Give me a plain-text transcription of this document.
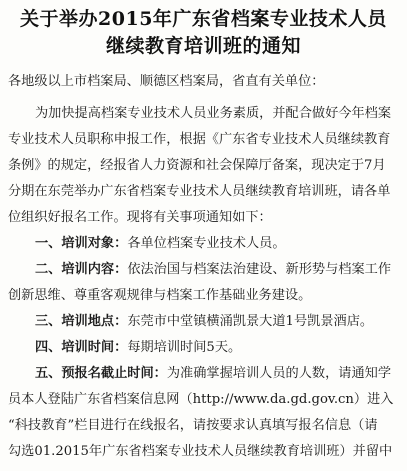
关于举办2015年广东省档案专业技术人员
继续教育培训班的通知
各地级以上市档案局、顺德区档案局，省直有关单位：
为加快提高档案专业技术人员业务素质，并配合做好今年档案
专业技术人员职称申报工作，根据《广东省专业技术人员继续教育
条例》的规定，经报省人力资源和社会保障厅备案，现决定于7月
分期在东莞举办广东省档案专业技术人员继续教育培训班，请各单
位组织好报名工作。现将有关事项通知如下：
一、培训对象：各单位档案专业技术人员。
二、培训内容：依法治国与档案法治建设、新形势与档案工作
创新思维、尊重客观规律与档案工作基础业务建设。
三、培训地点：东莞市中堂镇横涌凯景大道1号凯景酒店。
四、培训时间：每期培训时间5天。
五、预报名截止时间：为准确掌握培训人员的人数，请通知学
员本人登陆广东省档案信息网（http://www.da.gd.gov.cn）进入
“科技教育”栏目进行在线报名，请按要求认真填写报名信息（请
勾选01.2015年广东省档案专业技术人员继续教育培训班）并留中
